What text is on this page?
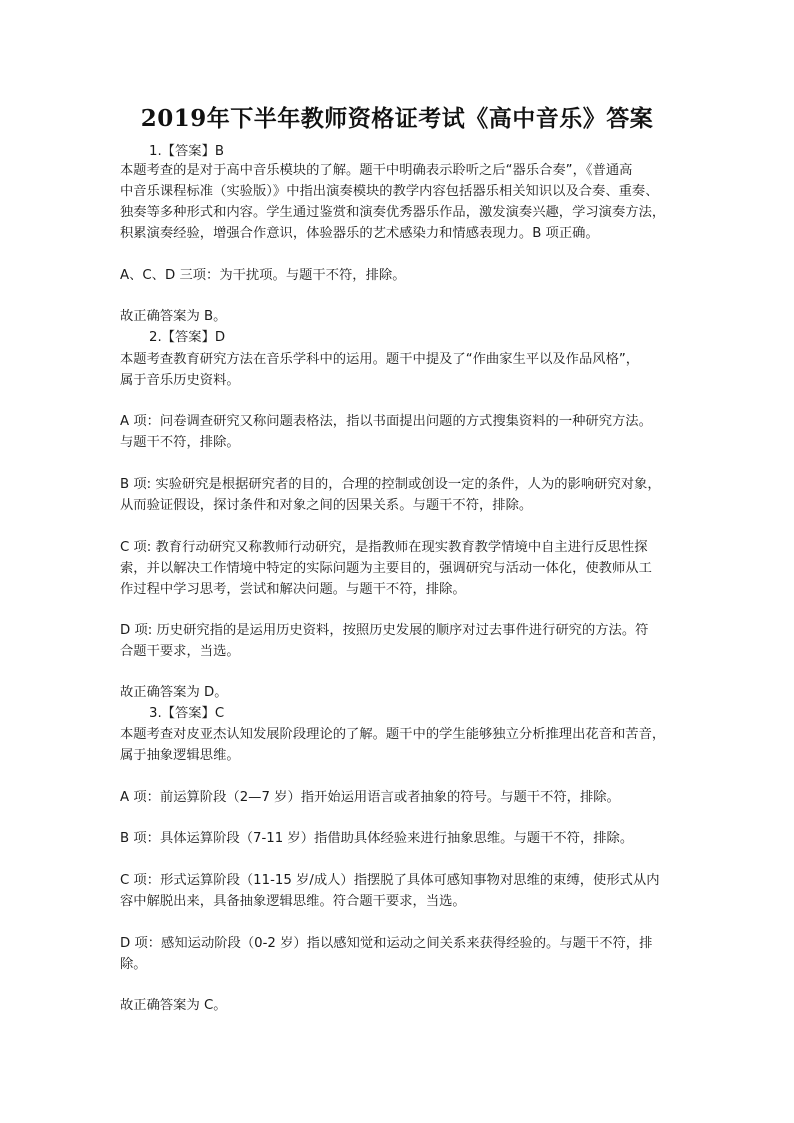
2019年下半年教师资格证考试《高中音乐》答案
1.【答案】B
本题考查的是对于高中音乐模块的了解。题干中明确表示聆听之后“器乐合奏”，《普通高
中音乐课程标准（实验版）》中指出演奏模块的教学内容包括器乐相关知识以及合奏、重奏、
独奏等多种形式和内容。学生通过鉴赏和演奏优秀器乐作品，激发演奏兴趣，学习演奏方法，
积累演奏经验，增强合作意识，体验器乐的艺术感染力和情感表现力。B 项正确。
A、C、D 三项：为干扰项。与题干不符，排除。
故正确答案为 B。
2.【答案】D
本题考查教育研究方法在音乐学科中的运用。题干中提及了“作曲家生平以及作品风格”，
属于音乐历史资料。
A 项：问卷调查研究又称问题表格法，指以书面提出问题的方式搜集资料的一种研究方法。
与题干不符，排除。
B 项: 实验研究是根据研究者的目的，合理的控制或创设一定的条件，人为的影响研究对象，
从而验证假设，探讨条件和对象之间的因果关系。与题干不符，排除。
C 项: 教育行动研究又称教师行动研究，是指教师在现实教育教学情境中自主进行反思性探
索，并以解决工作情境中特定的实际问题为主要目的，强调研究与活动一体化，使教师从工
作过程中学习思考，尝试和解决问题。与题干不符，排除。
D 项: 历史研究指的是运用历史资料，按照历史发展的顺序对过去事件进行研究的方法。符
合题干要求，当选。
故正确答案为 D。
3.【答案】C
本题考查对皮亚杰认知发展阶段理论的了解。题干中的学生能够独立分析推理出花音和苦音，
属于抽象逻辑思维。
A 项：前运算阶段（2—7 岁）指开始运用语言或者抽象的符号。与题干不符，排除。
B 项：具体运算阶段（7-11 岁）指借助具体经验来进行抽象思维。与题干不符，排除。
C 项：形式运算阶段（11-15 岁/成人）指摆脱了具体可感知事物对思维的束缚，使形式从内
容中解脱出来，具备抽象逻辑思维。符合题干要求，当选。
D 项：感知运动阶段（0-2 岁）指以感知觉和运动之间关系来获得经验的。与题干不符，排
除。
故正确答案为 C。
